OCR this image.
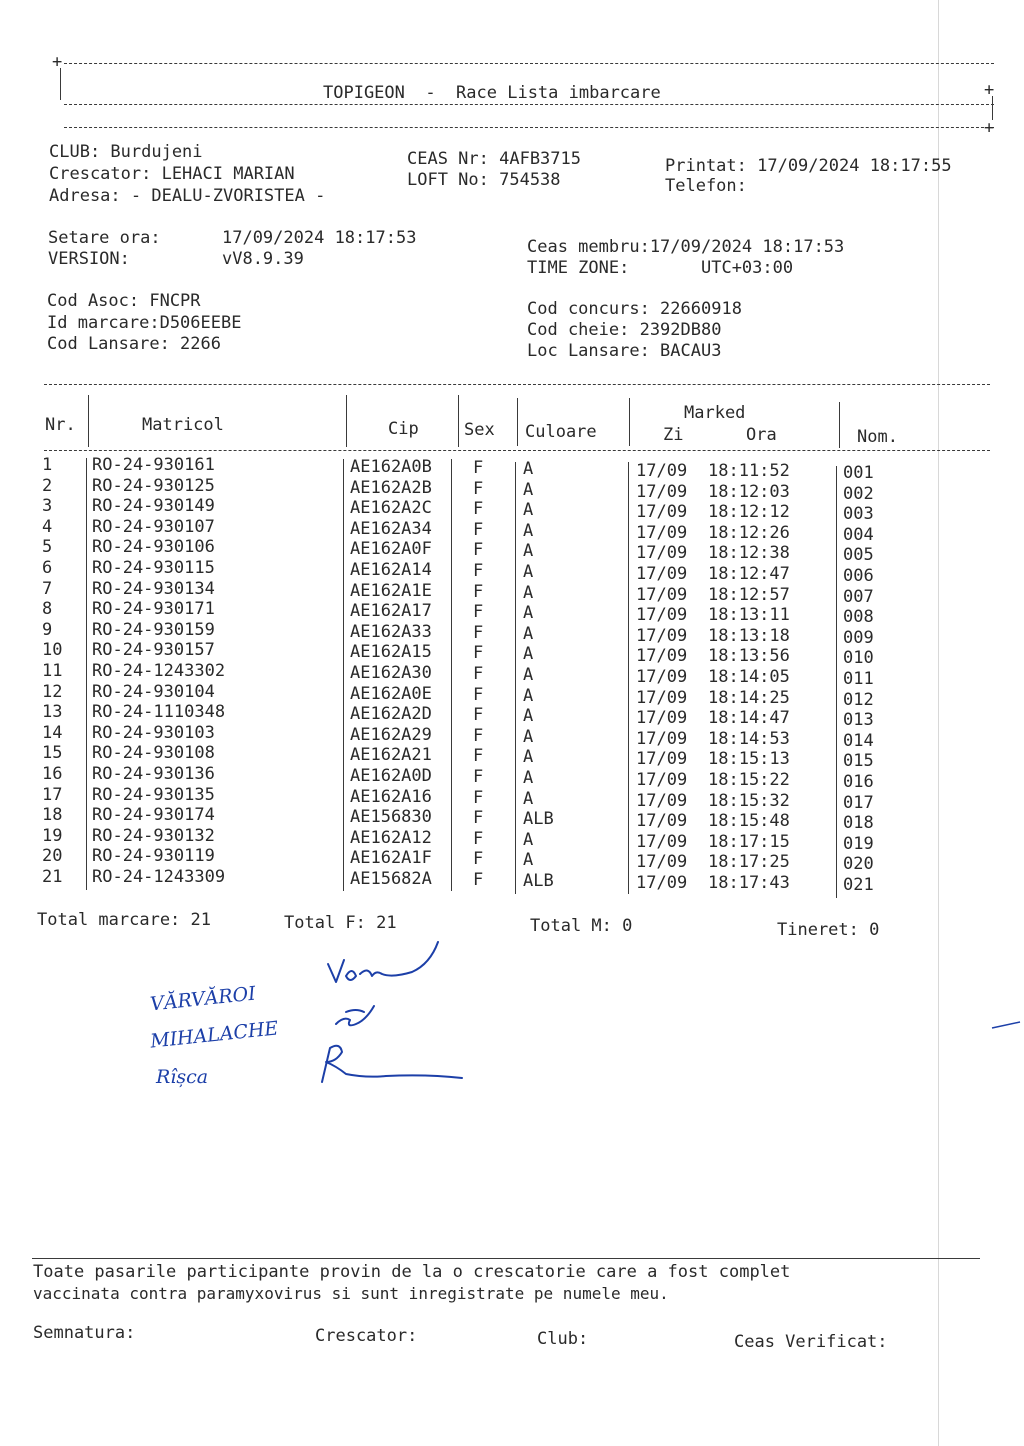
+
+
+
TOPIGEON  -  Race Lista imbarcare
CLUB: Burdujeni
Crescator: LEHACI MARIAN
Adresa: - DEALU-ZVORISTEA -
CEAS Nr: 4AFB3715
LOFT No: 754538
Printat: 17/09/2024 18:17:55
Telefon:
Setare ora:      17/09/2024 18:17:53
VERSION:         vV8.9.39
Ceas membru:17/09/2024 18:17:53
TIME ZONE:       UTC+03:00
Cod Asoc: FNCPR
Id marcare:D506EEBE
Cod Lansare: 2266
Cod concurs: 22660918
Cod cheie: 2392DB80
Loc Lansare: BACAU3
Nr.	Matricol	Cip	Sex Culoare
Marked
Zi	Ora	Nom.
1 RO-24-930161	AE162A0B F A	17/09 18:11:52	001
2 RO-24-930125	AE162A2B F A	17/09 18:12:03	002
3 RO-24-930149	AE162A2C F A	17/09 18:12:12	003
4 RO-24-930107	AE162A34 F A	17/09 18:12:26	004
5 RO-24-930106	AE162A0F F A	17/09 18:12:38	005
6 RO-24-930115	AE162A14 F A	17/09 18:12:47	006
7 RO-24-930134	AE162A1E F A	17/09 18:12:57	007
8 RO-24-930171	AE162A17 F A	17/09 18:13:11	008
9 RO-24-930159	AE162A33 F A	17/09 18:13:18	009
10 RO-24-930157	AE162A15 F A	17/09 18:13:56	010
11 RO-24-1243302	AE162A30 F A	17/09 18:14:05	011
12 RO-24-930104	AE162A0E F A	17/09 18:14:25	012
13 RO-24-1110348	AE162A2D F A	17/09 18:14:47	013
14 RO-24-930103	AE162A29 F A	17/09 18:14:53	014
15 RO-24-930108	AE162A21 F A	17/09 18:15:13	015
16 RO-24-930136	AE162A0D F A	17/09 18:15:22	016
17 RO-24-930135	AE162A16 F A	17/09 18:15:32	017
18 RO-24-930174	AE156830 F ALB	17/09 18:15:48	018
19 RO-24-930132	AE162A12 F A	17/09 18:17:15	019
20 RO-24-930119	AE162A1F F A	17/09 18:17:25	020
21 RO-24-1243309	AE15682A F ALB	17/09 18:17:43	021
Total marcare: 21	Total F: 21	Total M: 0	Tineret: 0
VĂRVĂROI
MIHALACHE
Rîșca
Toate pasarile participante provin de la o crescatorie care a fost complet
vaccinata contra paramyxovirus si sunt inregistrate pe numele meu.
Semnatura:	Crescator:	Club:	Ceas Verificat:
